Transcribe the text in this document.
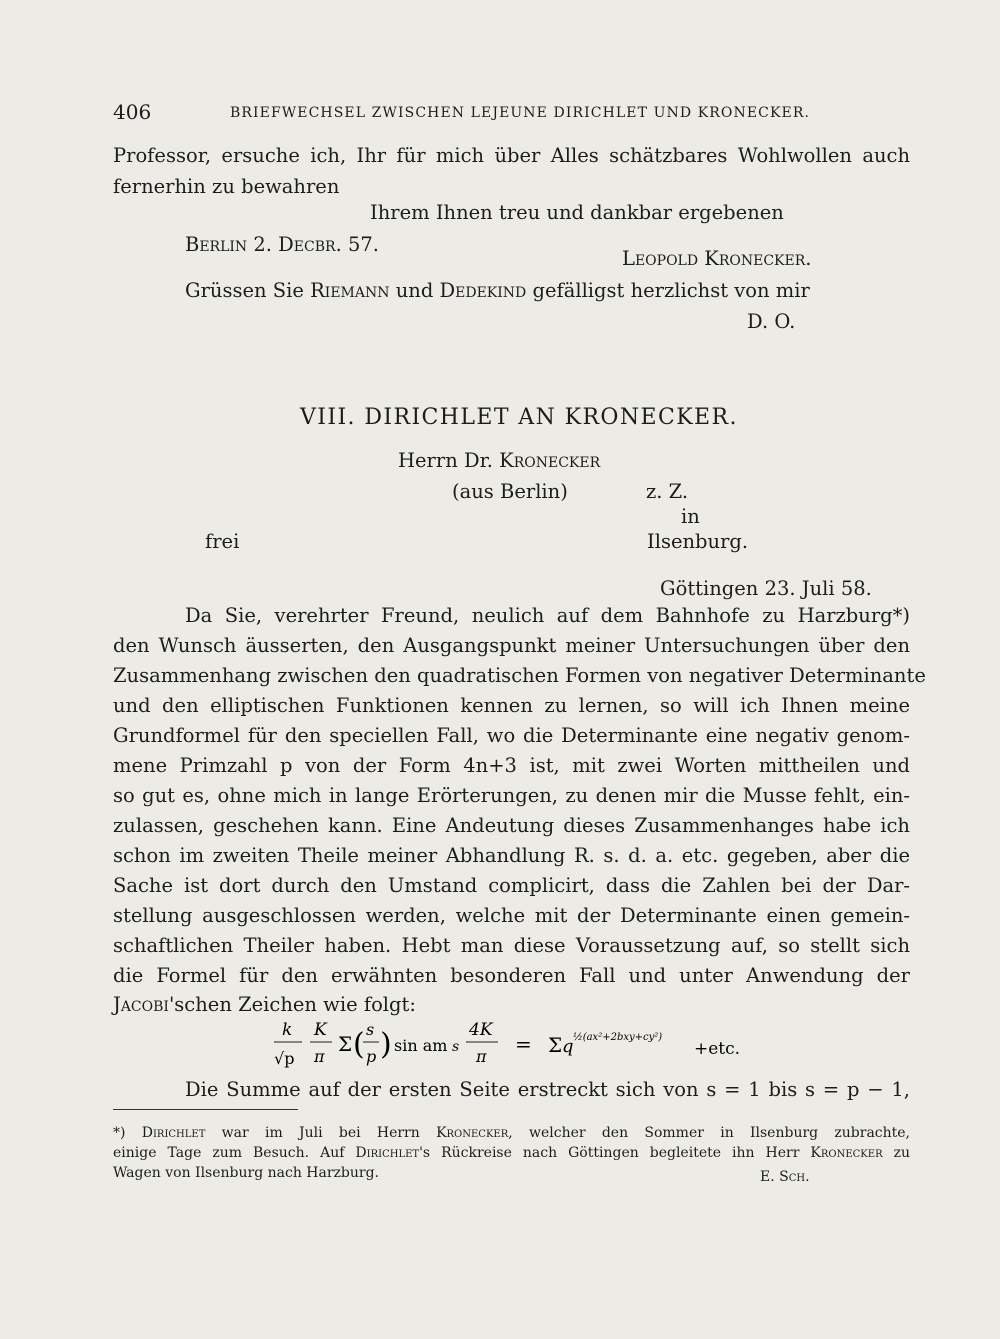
406	BRIEFWECHSEL ZWISCHEN LEJEUNE DIRICHLET UND KRONECKER.
Professor, ersuche ich, Ihr für mich über Alles schätzbares Wohlwollen auch
fernerhin zu bewahren
Ihrem Ihnen treu und dankbar ergebenen
Berlin 2. Decbr. 57.
Leopold Kronecker.
Grüssen Sie Riemann und Dedekind gefälligst herzlichst von mir
D. O.
VIII. DIRICHLET AN KRONECKER.
Herrn Dr. Kronecker
(aus Berlin)	z. Z.
in
frei	Ilsenburg.
Göttingen 23. Juli 58.
Da Sie, verehrter Freund, neulich auf dem Bahnhofe zu Harzburg*)
den Wunsch äusserten, den Ausgangspunkt meiner Untersuchungen über den
Zusammenhang zwischen den quadratischen Formen von negativer Determinante
und den elliptischen Funktionen kennen zu lernen, so will ich Ihnen meine
Grundformel für den speciellen Fall, wo die Determinante eine negativ genom-
mene Primzahl p von der Form 4n+3 ist, mit zwei Worten mittheilen und
so gut es, ohne mich in lange Erörterungen, zu denen mir die Musse fehlt, ein-
zulassen, geschehen kann. Eine Andeutung dieses Zusammenhanges habe ich
schon im zweiten Theile meiner Abhandlung R. s. d. a. etc. gegeben, aber die
Sache ist dort durch den Umstand complicirt, dass die Zahlen bei der Dar-
stellung ausgeschlossen werden, welche mit der Determinante einen gemein-
schaftlichen Theiler haben. Hebt man diese Voraussetzung auf, so stellt sich
die Formel für den erwähnten besonderen Fall und unter Anwendung der
Jacobi'schen Zeichen wie folgt:
k
√p
K
π
Σ ( s
p ) sin am s
4K
π
= Σ q ½(ax²+2bxy+cy²)
+etc.
Die Summe auf der ersten Seite erstreckt sich von s = 1 bis s = p − 1,
*) Dirichlet war im Juli bei Herrn Kronecker, welcher den Sommer in Ilsenburg zubrachte,
einige Tage zum Besuch. Auf Dirichlet's Rückreise nach Göttingen begleitete ihn Herr Kronecker zu
Wagen von Ilsenburg nach Harzburg.	E. Sch.
